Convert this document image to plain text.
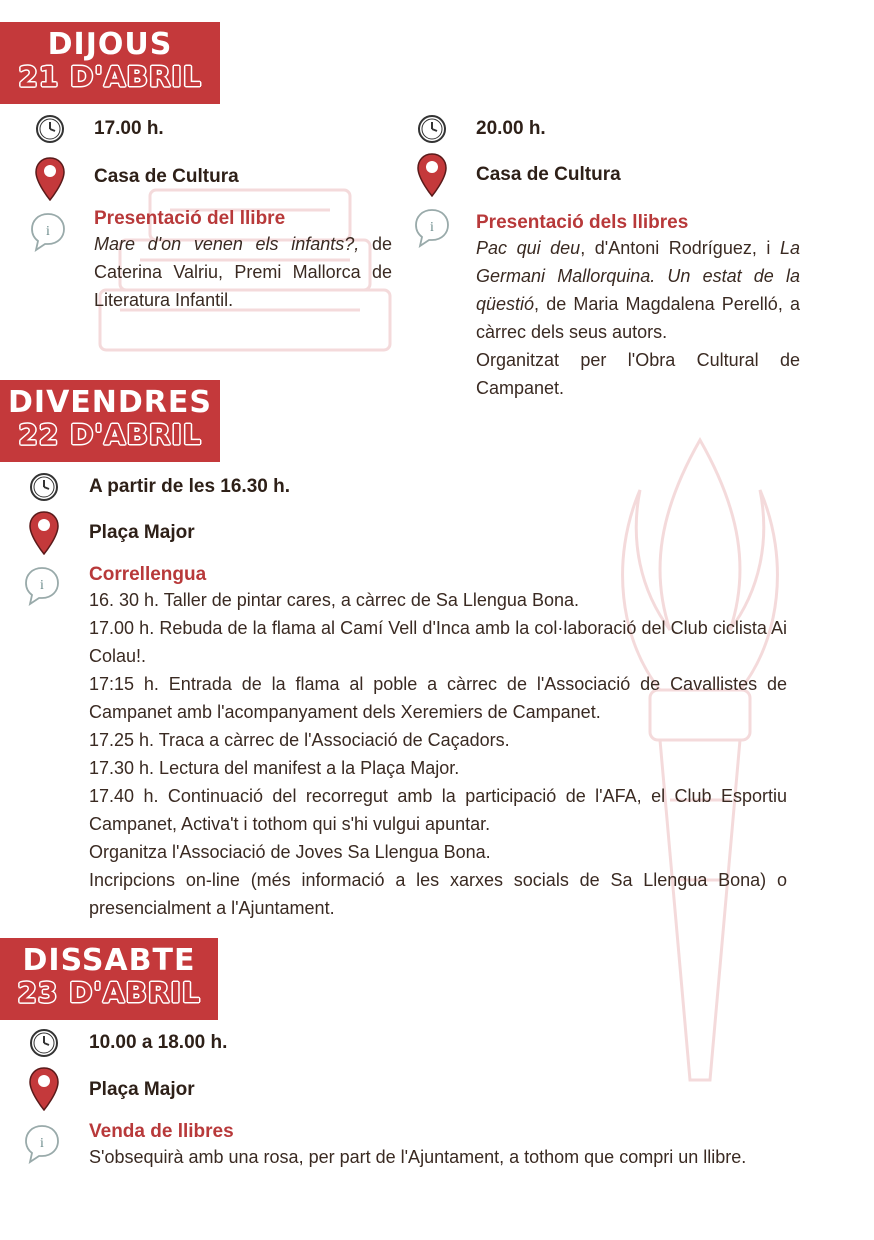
DIJOUS
21 D'ABRIL
17.00 h.
Casa de Cultura
i
Presentació del llibre

Mare d'on venen els infants?, de Caterina Valriu, Premi Mallorca de Literatura Infantil.

20.00 h.
Casa de Cultura
i Presentació dels llibres

Pac qui deu, d'Antoni Rodríguez, i La Germani Mallorquina. Un estat de la qüestió, de Maria Magdalena Perelló, a càrrec dels seus autors.

Organitzat per l'Obra Cultural de Campanet.

DIVENDRES
22 D'ABRIL
A partir de les 16.30 h.
Plaça Major
i
Correllengua

16. 30 h. Taller de pintar cares, a càrrec de Sa Llengua Bona.

17.00 h. Rebuda de la flama al Camí Vell d'Inca amb la col·laboració del Club ciclista Ai Colau!.

17:15 h. Entrada de la flama al poble a càrrec de l'Associació de Cavallistes de Campanet amb l'acompanyament dels Xeremiers de Campanet.

17.25 h. Traca a càrrec de l'Associació de Caçadors.

17.30 h. Lectura del manifest a la Plaça Major.

17.40 h. Continuació del recorregut amb la participació de l'AFA, el Club Esportiu Campanet, Activa't i tothom qui s'hi vulgui apuntar.

Organitza l'Associació de Joves Sa Llengua Bona.

Incripcions on-line (més informació a les xarxes socials de Sa Llengua Bona) o presencialment a l'Ajuntament.

DISSABTE
23 D'ABRIL
10.00 a 18.00 h.
Plaça Major
i
Venda de llibres

S'obsequirà amb una rosa, per part de l'Ajuntament, a tothom que compri un llibre.
